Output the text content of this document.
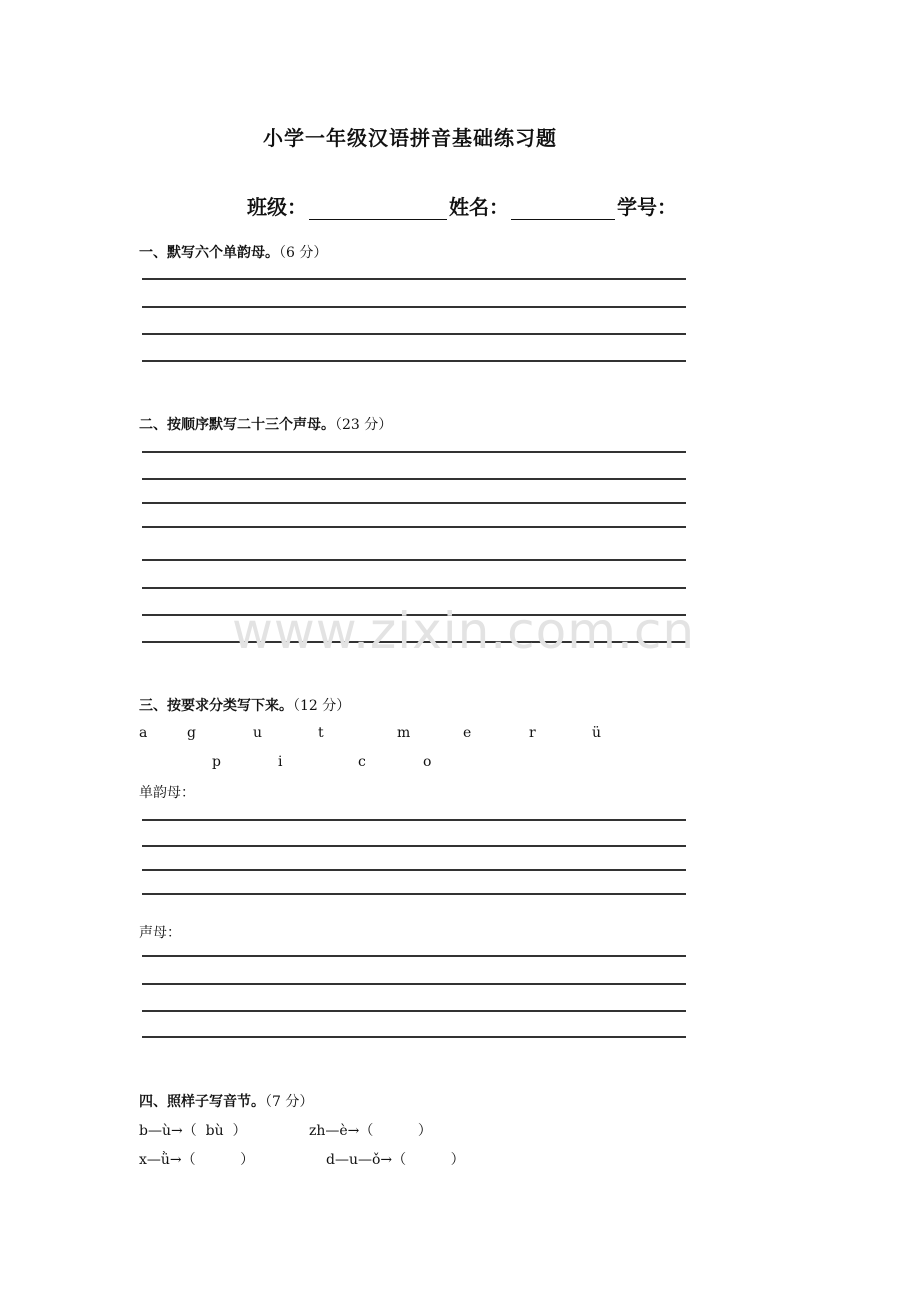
小学一年级汉语拼音基础练习题
班级：	姓名：	学号：
一、默写六个单韵母。（6 分）
二、按顺序默写二十三个声母。（23 分）
www.zixin.com.cn
三、按要求分类写下来。（12 分）
a	g	u	t	m	e	r	ü
p	i	c	o
单韵母：
声母：
四、照样子写音节。（7 分）
b—ù→（  bù  ）	zh—è→（          ）
x—ǜ→（          ）	d—u—ǒ→（          ）
